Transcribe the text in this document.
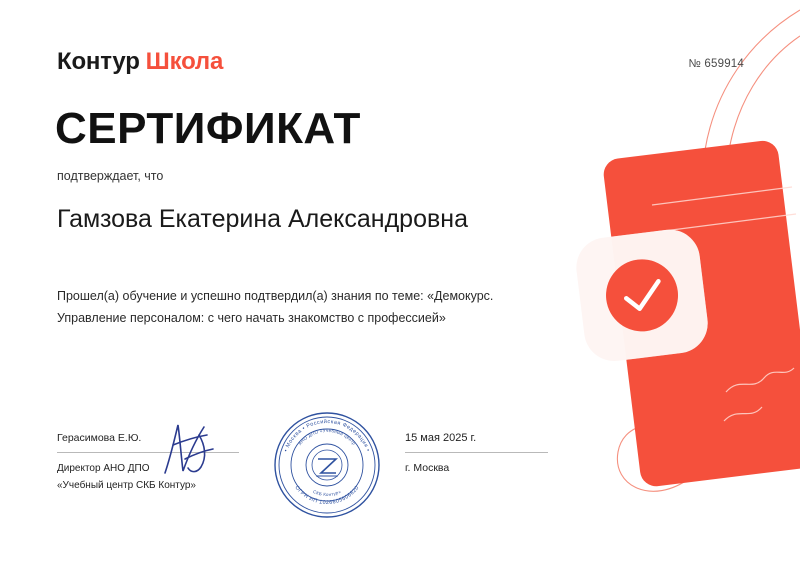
Контур Школа	№ 659914
СЕРТИФИКАТ
подтверждает, что
Гамзова Екатерина Александровна
Прошел(а) обучение и успешно подтвердил(а) знания по теме: «Демокурс. Управление персоналом: с чего начать знакомство с профессией»
Герасимова Е.Ю.
Директор АНО ДПО
«Учебный центр СКБ Контур»
• Москва • Российская Федерация •
ОГРН ИП 1026605606620
АНО ДПО «Учебный центр
СКБ Контур»
15 мая 2025 г.
г. Москва
